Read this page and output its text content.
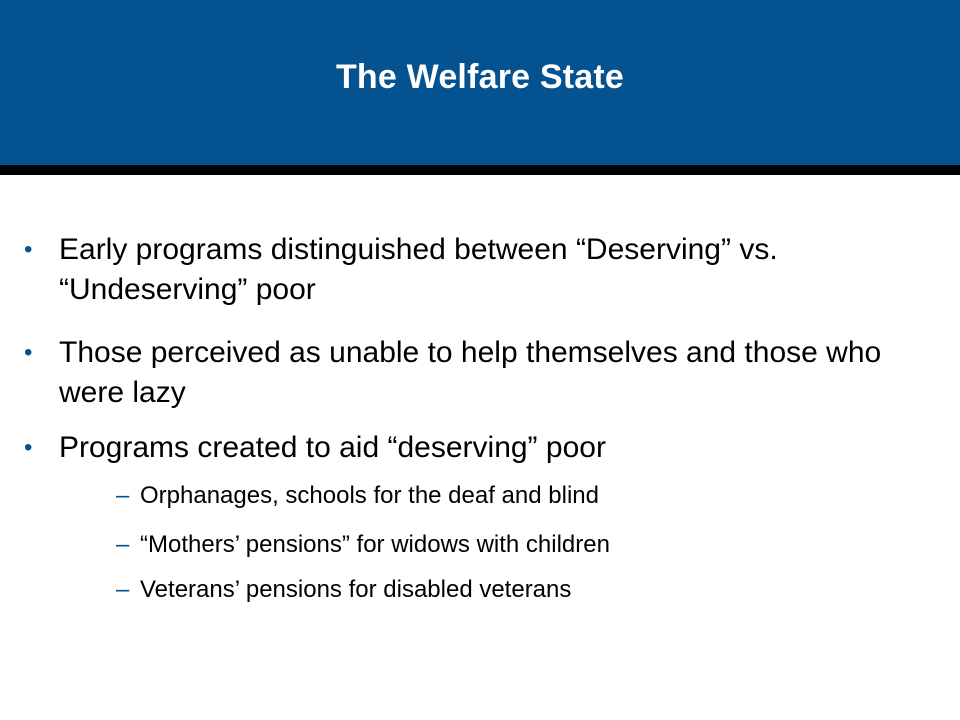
The Welfare State
• Early programs distinguished between “Deserving” vs. “Undeserving” poor
• Those perceived as unable to help themselves and those who were lazy
• Programs created to aid “deserving” poor
– Orphanages, schools for the deaf and blind
– “Mothers’ pensions” for widows with children
– Veterans’ pensions for disabled veterans
